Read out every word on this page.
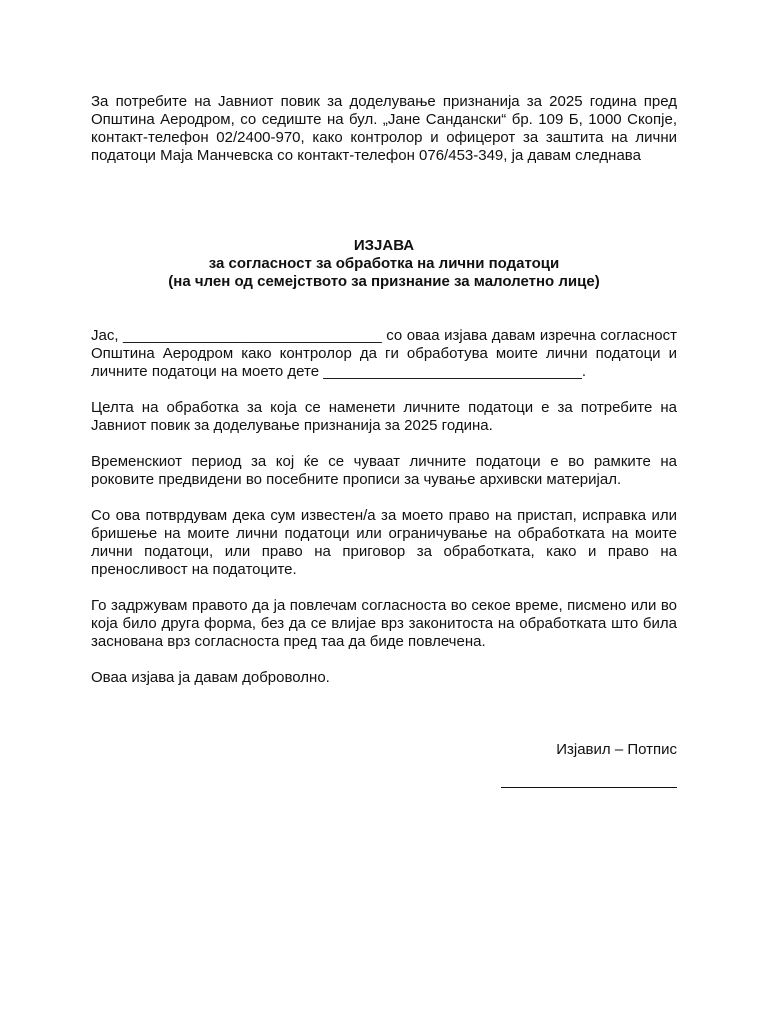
За потребите на Јавниот повик за доделување признанија за 2025 година пред Општина Аеродром, со седиште на бул. „Јане Сандански“ бр. 109 Б, 1000 Скопје, контакт-телефон 02/2400-970, како контролор и офицерот за заштита на лични податоци Маја Манчевска со контакт-телефон 076/453-349, ја давам следнава

ИЗЈАВА
за согласност за обработка на лични податоци
(на член од семејството за признание за малолетно лице)

Јас, _______________________________ со оваа изјава давам изречна согласност Општина Аеродром како контролор да ги обработува моите лични податоци и личните податоци на моето дете _______________________________.

Целта на обработка за која се наменети личните податоци е за потребите на Јавниот повик за доделување признанија за 2025 година.

Временскиот период за кој ќе се чуваат личните податоци е во рамките на роковите предвидени во посебните прописи за чување архивски материјал.

Со ова потврдувам дека сум известен/а за моето право на пристап, исправка или бришење на моите лични податоци или ограничување на обработката на моите лични податоци, или право на приговор за обработката, како и право на преносливост на податоците.

Го задржувам правото да ја повлечам согласноста во секое време, писмено или во која било друга форма, без да се влијае врз законитоста на обработката што била заснована врз согласноста пред таа да биде повлечена.

Оваа изјава ја давам доброволно.

Изјавил – Потпис
